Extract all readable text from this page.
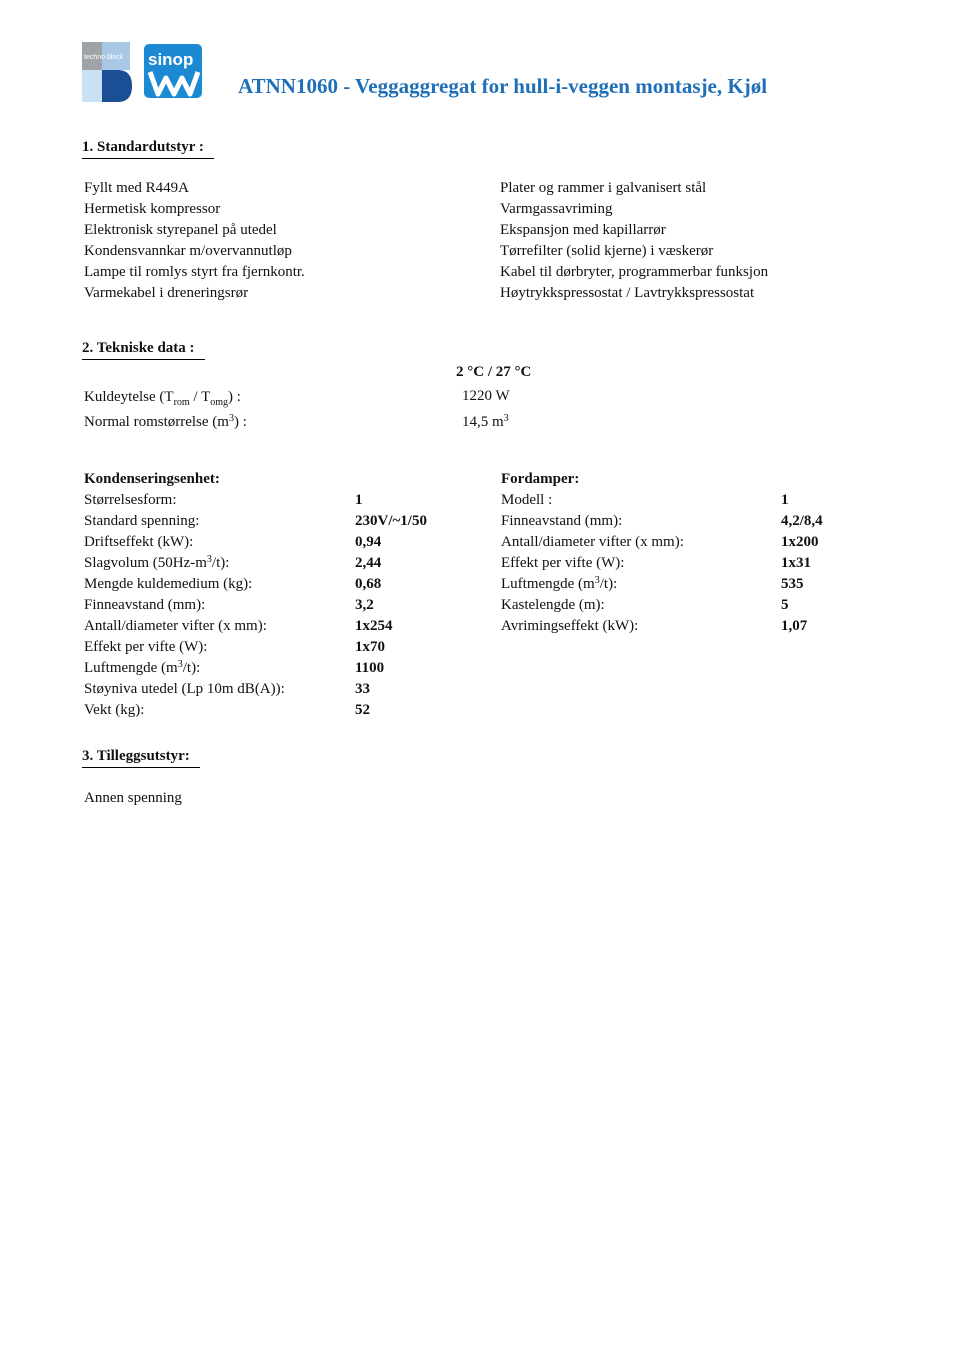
techno block sinop
ATNN1060 - Veggaggregat for hull-i-veggen montasje, Kjøl
1. Standardutstyr :
Fyllt med R449A
Hermetisk kompressor
Elektronisk styrepanel på utedel
Kondensvannkar m/overvannutløp
Lampe til romlys styrt fra fjernkontr.
Varmekabel i dreneringsrør
Plater og rammer i galvanisert stål
Varmgassavriming
Ekspansjon med kapillarrør
Tørrefilter (solid kjerne) i væskerør
Kabel til dørbryter, programmerbar funksjon
Høytrykkspressostat / Lavtrykkspressostat
2. Tekniske data :
2 °C / 27 °C
Kuldeytelse $(T_{rom} / T_{omg})$ :	1220 W
Normal romstørrelse $(m^3)$ :	14,5 $m^3$
Kondenseringsenhet:
Størrelsesform:
Standard spenning:
Driftseffekt (kW):
Slagvolum $(50Hz-m^3/t)$:
Mengde kuldemedium (kg):
Finneavstand (mm):
Antall/diameter vifter (x mm):
Effekt per vifte (W):
Luftmengde $(m^3/t)$:
Støyniva utedel (Lp 10m dB(A)):
Vekt (kg):
1
230V/~1/50
0,94
2,44
0,68
3,2
1x254
1x70
1100
33
52
Fordamper:
Modell :
Finneavstand (mm):
Antall/diameter vifter (x mm):
Effekt per vifte (W):
Luftmengde $(m^3/t)$:
Kastelengde (m):
Avrimingseffekt (kW):
1
4,2/8,4
1x200
1x31
535
5
1,07
3. Tilleggsutstyr:
Annen spenning
